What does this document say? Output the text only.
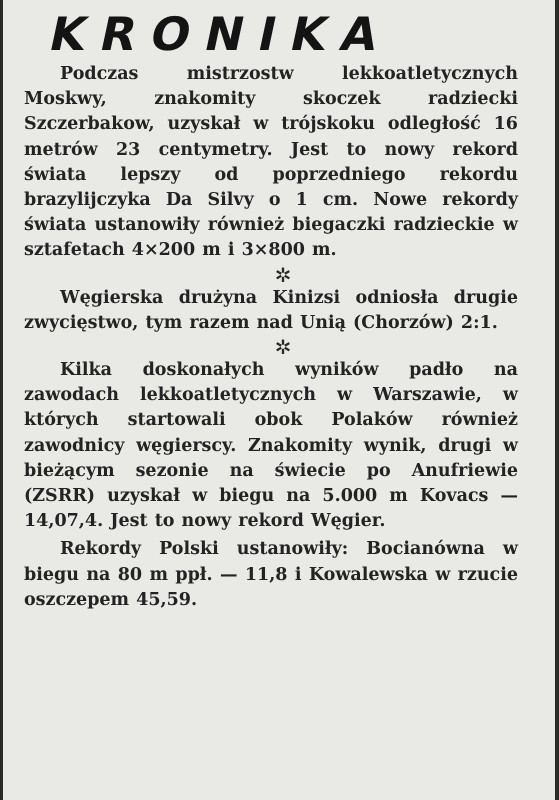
KRONIKA

Podczas mistrzostw lekkoatletycznych Moskwy, znakomity skoczek radziecki Szczerbakow, uzyskał w trójskoku odległość 16 metrów 23 centymetry. Jest to nowy rekord świata lepszy od poprzedniego rekordu brazylijczyka Da Silvy o 1 cm. Nowe rekordy świata ustanowiły również biegaczki radzieckie w sztafetach 4×200 m i 3×800 m.

✲

Węgierska drużyna Kinizsi odniosła drugie zwycięstwo, tym razem nad Unią (Chorzów) 2:1.

✲

Kilka doskonałych wyników padło na zawodach lekkoatletycznych w Warszawie, w których startowali obok Polaków również zawodnicy węgierscy. Znakomity wynik, drugi w bieżącym sezonie na świecie po Anufriewie (ZSRR) uzyskał w biegu na 5.000 m Kovacs — 14,07,4. Jest to nowy rekord Węgier.

Rekordy Polski ustanowiły: Bocianówna w biegu na 80 m ppł. — 11,8 i Kowalewska w rzucie oszczepem 45,59.
